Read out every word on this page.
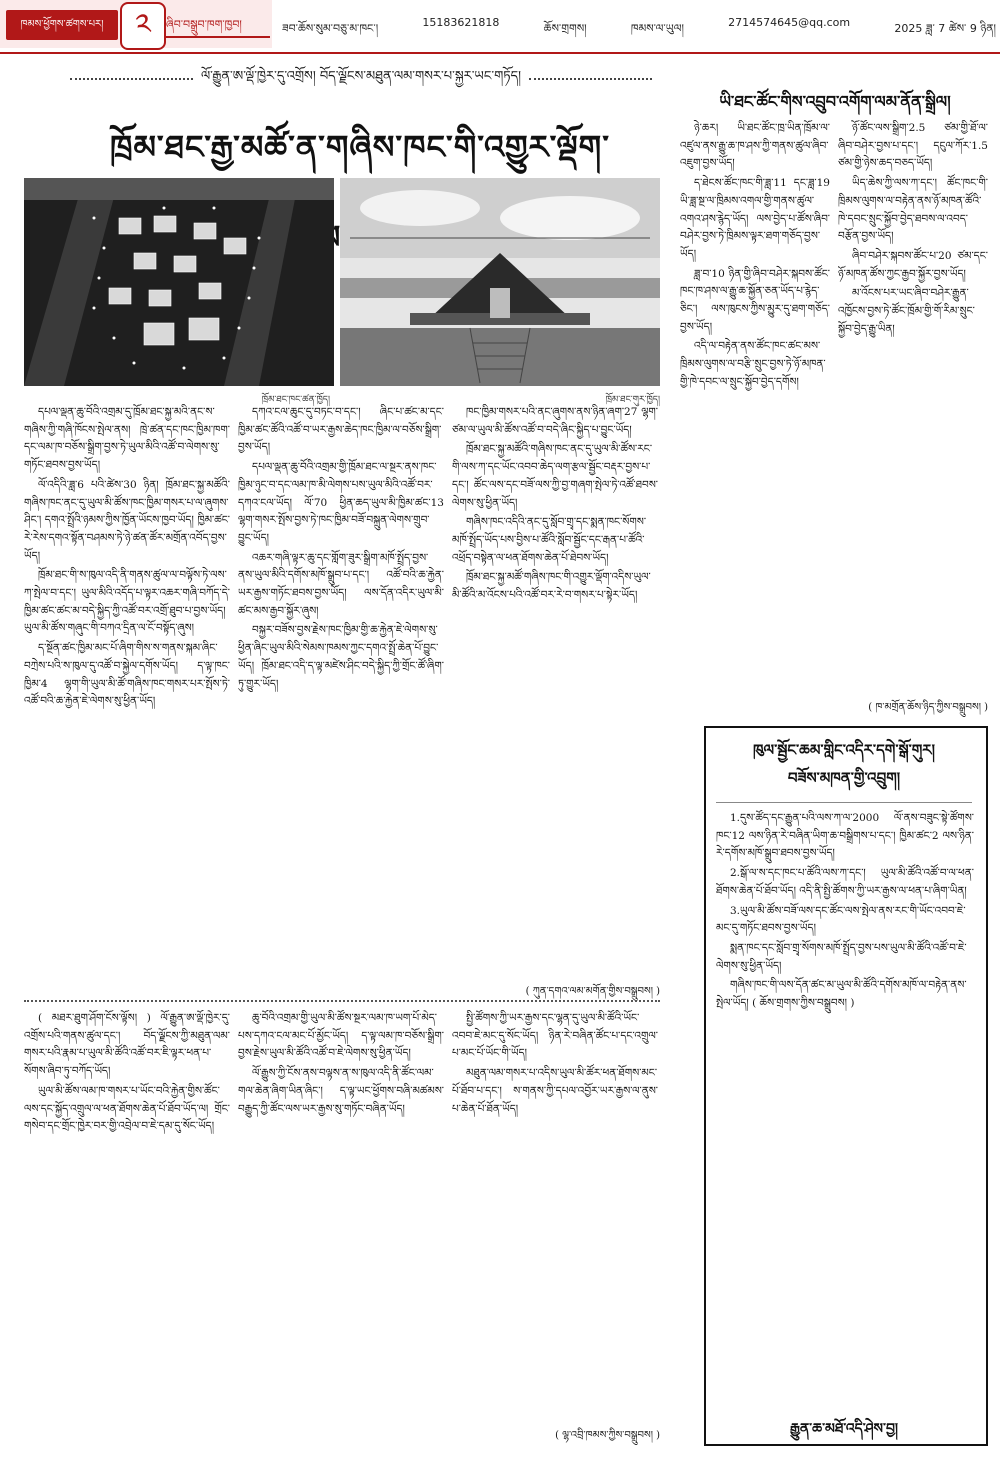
ཁམས་ཕྱོགས་ཚགས་པར།	༢	ཞིབ་བསྒྲུབ་ཁག་ཁྱབ།	ཟབ་ཆོས་སུམ་བཅུ་མ་ཁང་།	15183621818	ཆོས་གྲགས།	ཁམས་ལ་ཡུལ།	2714574645@qq.com	2025 ཟླ་ 7 ཚེས་ 9 ཉིན།
ལོ་རྒྱུན་ཨ་ལྡོ་ཁྱེར་དུ་འགྲོས། བོད་ལྗོངས་མཐུན་ལམ་གསར་པ་སྐྱར་ཡང་གཏོད།
ཁྲོམ་ཐང་རྒྱ་མཚོ་ན་གཞིས་ཁང་གི་འགྱུར་ལྡོག་
ཁྲོམ་ཐང་ཁང་ཚན་ཁྱོད།	ཁྲོམ་ཐང་གུར་ཁྱོད།

དཔལ་ལྡན་ཆུ་བོའི་འགྲམ་དུ་ཁྲོམ་ཐང་སྐྱ་མའི་ནང་ས་གཞིས་ཀྱི་གཞི་ཁོངས་སྤེལ་ནས། ཁྲེ་ཚན་དང་ཁང་ཁྱིམ་ཁག་དང་ལམ་ཁ་བཅོས་སྒྲིག་བྱས་ཏེ་ཡུལ་མིའི་འཚོ་བ་ལེགས་སུ་གཏོང་ཐབས་བྱས་ཡོད།

ལོ་འདིའི་ཟླ་6 པའི་ཚེས་30 ཉིན། ཁྲོམ་ཐང་སྐྱ་མཚོའི་གཞིས་ཁང་ནང་དུ་ཡུལ་མི་ཚོས་ཁང་ཁྱིམ་གསར་པ་ལ་ཞུགས་ཤིང་། དགའ་སྤྲོའི་ཉམས་ཀྱིས་ཁྱོན་ཡོངས་ཁྱབ་ཡོད། ཁྱིམ་ཚང་རེ་རེས་དགའ་སྟོན་བཤམས་ཏེ་ཉེ་ཚན་ཚོར་མགྲོན་འབོད་བྱས་ཡོད།

ཁྲོམ་ཐང་གི་ས་ཁུལ་འདི་ནི་གནས་ཚུལ་ལ་བལྟོས་ཏེ་ལས་ཀ་སྤེལ་བ་དང་། ཡུལ་མིའི་འདོད་པ་ལྟར་འཆར་གཞི་བཀོད་དེ་ཁྱིམ་ཚང་ཚང་མ་བདེ་སྐྱིད་ཀྱི་འཚོ་བར་འགྲོ་ཐུབ་པ་བྱས་ཡོད། ཡུལ་མི་ཚོས་གཞུང་གི་བཀའ་དྲིན་ལ་ངོ་བསྟོད་ཞུས།

ད་སྔོན་ཚང་ཁྱིམ་མང་པོ་ཞིག་གིས་ས་གནས་སྐམ་ཞིང་བཀྲེས་པའི་ས་ཁུལ་དུ་འཚོ་བ་སྐྱེལ་དགོས་ཡོད། ད་ལྟ་ཁང་ཁྱིམ་4 ལྷག་གི་ཡུལ་མི་ཚོ་གཞིས་ཁང་གསར་པར་སྤོས་ཏེ་འཚོ་བའི་ཆ་རྐྱེན་ཇེ་ལེགས་སུ་ཕྱིན་ཡོད།

དཀའ་ངལ་ཆུང་དུ་བཏང་བ་དང་། ཞིང་པ་ཚང་མ་དང་ཁྱིམ་ཚང་ཚོའི་འཚོ་བ་ཡར་རྒྱས་ཆེད་ཁང་ཁྱིམ་ལ་བཅོས་སྒྲིག་བྱས་ཡོད།

དཔལ་ལྡན་ཆུ་བོའི་འགྲམ་གྱི་ཁྲོམ་ཐང་ལ་སྔར་ནས་ཁང་ཁྱིམ་ཉུང་བ་དང་ལམ་ཁ་མི་ལེགས་པས་ཡུལ་མིའི་འཚོ་བར་དཀའ་ངལ་ཡོད། ལོ་70 ཕྱིན་ཆད་ཡུལ་མི་ཁྱིམ་ཚང་13 ལྷག་གསར་སྤོས་བྱས་ཏེ་ཁང་ཁྱིམ་བཟོ་བསྐྲུན་ལེགས་གྲུབ་བྱུང་ཡོད།

འཆར་གཞི་ལྟར་ཆུ་དང་གློག་ཟུར་སྒྲིག་མཁོ་སྤྲོད་བྱས་ནས་ཡུལ་མིའི་དགོས་མཁོ་སྒྲུབ་པ་དང་། འཚོ་བའི་ཆ་རྐྱེན་ཡར་རྒྱས་གཏོང་ཐབས་བྱས་ཡོད། ལས་དོན་འདིར་ཡུལ་མི་ཚང་མས་རྒྱབ་སྐྱོར་ཞུས།

བསྐྱར་བཟོས་བྱས་རྗེས་ཁང་ཁྱིམ་གྱི་ཆ་རྐྱེན་ཇེ་ལེགས་སུ་ཕྱིན་ཞིང་ཡུལ་མིའི་སེམས་ཁམས་ཀྱང་དགའ་སྤྲོ་ཆེན་པོ་བྱུང་ཡོད། ཁྲོམ་ཐང་འདི་ད་ལྟ་མཛེས་ཤིང་བདེ་སྐྱིད་ཀྱི་གྲོང་ཚོ་ཞིག་ཏུ་གྱུར་ཡོད།

ཁང་ཁྱིམ་གསར་པའི་ནང་ཞུགས་ནས་ཉིན་ཞག་27 ལྷག་ཙམ་ལ་ཡུལ་མི་ཚོས་འཚོ་བ་བདེ་ཞིང་སྐྱིད་པ་བྱུང་ཡོད།

ཁྲོམ་ཐང་སྐྱ་མཚོའི་གཞིས་ཁང་ནང་དུ་ཡུལ་མི་ཚོས་རང་གི་ལས་ཀ་དང་ཡོང་འབབ་ཆེད་ལག་རྩལ་སྦྱོང་བརྡར་བྱས་པ་དང་། ཚོང་ལས་དང་བཟོ་ལས་ཀྱི་བྱ་གཞག་སྤེལ་ཏེ་འཚོ་ཐབས་ལེགས་སུ་ཕྱིན་ཡོད།

གཞིས་ཁང་འདིའི་ནང་དུ་སློབ་གྲྭ་དང་སྨན་ཁང་སོགས་མཁོ་སྤྲོད་ཡོད་པས་བྱིས་པ་ཚོའི་སློབ་སྦྱོང་དང་རྒན་པ་ཚོའི་འཕྲོད་བསྟེན་ལ་ཕན་ཐོགས་ཆེན་པོ་ཐེབས་ཡོད།

ཁྲོམ་ཐང་སྐྱ་མཚོ་གཞིས་ཁང་གི་འགྱུར་ལྡོག་འདིས་ཡུལ་མི་ཚོའི་མ་འོངས་པའི་འཚོ་བར་རེ་བ་གསར་པ་སྟེར་ཡོད།

( ཀུན་དགའ་ལམ་མགོན་གྱིས་བསྒྲུབས། )

( མཐར་ཐུག་ཤོག་ངོས་ལྟོས། ) ལོ་རྒྱུན་ཨ་ལྡོ་ཁྱེར་དུ་འགྲོས་པའི་གནས་ཚུལ་དང་། བོད་ལྗོངས་ཀྱི་མཐུན་ལམ་གསར་པའི་རྣམ་པ་ཡུལ་མི་ཚོའི་འཚོ་བར་ཇི་ལྟར་ཕན་པ་སོགས་ཞིབ་ཏུ་བཀོད་ཡོད།

ཡུལ་མི་ཚོས་ལམ་ཁ་གསར་པ་ཡོང་བའི་རྐྱེན་གྱིས་ཚོང་ལས་དང་སྐྱོད་འགྲུལ་ལ་ཕན་ཐོགས་ཆེན་པོ་ཐོབ་ཡོད་ལ། གྲོང་གསེབ་དང་གྲོང་ཁྱེར་བར་གྱི་འབྲེལ་བ་ཇེ་དམ་དུ་སོང་ཡོད།

ཆུ་བོའི་འགྲམ་གྱི་ཡུལ་མི་ཚོས་སྔར་ལམ་ཁ་ཡག་པོ་མེད་པས་དཀའ་ངལ་མང་པོ་མྱོང་ཡོད། ད་ལྟ་ལམ་ཁ་བཅོས་སྒྲིག་བྱས་རྗེས་ཡུལ་མི་ཚོའི་འཚོ་བ་ཇེ་ལེགས་སུ་ཕྱིན་ཡོད།

ལོ་རྒྱུས་ཀྱི་ངོས་ནས་བལྟས་ན་ས་ཁུལ་འདི་ནི་ཚོང་ལམ་གལ་ཆེན་ཞིག་ཡིན་ཞིང་། ད་ལྟ་ཡང་ཕྱོགས་བཞི་མཚམས་བརྒྱུད་ཀྱི་ཚོང་ལས་ཡར་རྒྱས་སུ་གཏོང་བཞིན་ཡོད།

སྤྱི་ཚོགས་ཀྱི་ཡར་རྒྱས་དང་ལྷན་དུ་ཡུལ་མི་ཚོའི་ཡོང་འབབ་ཇེ་མང་དུ་སོང་ཡོད། ཉིན་རེ་བཞིན་ཚོང་པ་དང་འགྲུལ་པ་མང་པོ་ཡོང་གི་ཡོད།

མཐུན་ལམ་གསར་པ་འདིས་ཡུལ་མི་ཚོར་ཕན་ཐོགས་མང་པོ་ཐོབ་པ་དང་། ས་གནས་ཀྱི་དཔལ་འབྱོར་ཡར་རྒྱས་ལ་ནུས་པ་ཆེན་པོ་ཐོན་ཡོད།

( ལྷ་འབྲི་ཁམས་ཀྱིས་བསྒྲུབས། )
ཡི་ཐང་ཚོང་གིས་འབྲུབ་འགོག་ལམ་ནོན་སྒྲིལ།

ཉེ་ཆར། ཡི་ཐང་ཚོང་ཁྲ་ཡིན་ཁྲོམ་ལ་འཛུལ་ནས་རྒྱུ་ཆ་ཁ་ཤས་ཀྱི་གནས་ཚུལ་ཞིབ་འཇུག་བྱས་ཡོད།

ད་ཐེངས་ཚོང་ཁང་གི་ཟླ་11 དང་ཟླ་19 ཡི་ཟླ་སྔ་ལ་ཁྲིམས་འགལ་གྱི་གནས་ཚུལ་འགའ་ཤས་རྙེད་ཡོད། ལས་བྱེད་པ་ཚོས་ཞིབ་བཤེར་བྱས་ཏེ་ཁྲིམས་ལྟར་ཐག་གཅོད་བྱས་ཡོད།

ཟླ་བ་10 ཉིན་གྱི་ཞིབ་བཤེར་སྐབས་ཚོང་ཁང་ཁ་ཤས་ལ་རྒྱུ་ཆ་སྐྱོན་ཅན་ཡོད་པ་རྙེད་ཅིང་། ལས་ཁུངས་ཀྱིས་མྱུར་དུ་ཐག་གཅོད་བྱས་ཡོད།

འདི་ལ་བརྟེན་ནས་ཚོང་ཁང་ཚང་མས་ཁྲིམས་ལུགས་ལ་བརྩི་སྲུང་བྱས་ཏེ་ཉོ་མཁན་གྱི་ཁེ་དབང་ལ་སྲུང་སྐྱོབ་བྱེད་དགོས།

ཉོ་ཚོང་ལས་སྒྲིག་2.5 ཙམ་གྱི་ཐོ་ལ་ཞིབ་བཤེར་བྱས་པ་དང་། དངུལ་ཀོར་1.5 ཙམ་གྱི་ཉེས་ཆད་བཅད་ཡོད།

ཡིད་ཆེས་ཀྱི་ལས་ཀ་དང་། ཚོང་ཁང་གི་ཁྲིམས་ལུགས་ལ་བརྟེན་ནས་ཉོ་མཁན་ཚོའི་ཁེ་དབང་སྲུང་སྐྱོབ་བྱེད་ཐབས་ལ་འབད་བརྩོན་བྱས་ཡོད།

ཞིབ་བཤེར་སྐབས་ཚོང་པ་20 ཙམ་དང་ཉོ་མཁན་ཚོས་ཀྱང་རྒྱབ་སྐྱོར་བྱས་ཡོད།

མ་འོངས་པར་ཡང་ཞིབ་བཤེར་རྒྱུན་འཁྱོངས་བྱས་ཏེ་ཚོང་ཁྲོམ་གྱི་གོ་རིམ་སྲུང་སྐྱོབ་བྱེད་རྒྱུ་ཡིན།

( ཁ་མགྲོན་ཆོས་ཉིད་ཀྱིས་བསྒྲུབས། )
ཁུལ་སྦྱོང་ཆམ་གླིང་འདིར་དགེ་སྒོ་གུར།
བཟོས་མཁན་གྱི་འབྲུག།

1.དུས་ཚོད་དང་རྒྱུན་པའི་ལས་ཀ་ལ་2000 ལོ་ནས་བཟུང་སྟེ་ཚོགས་ཁང་12 ལས་ཉིན་རེ་བཞིན་ཡིག་ཆ་བསྒྲིགས་པ་དང་། ཁྱིམ་ཚང་2 ལས་ཉིན་རེ་དགོས་མཁོ་སྒྲུབ་ཐབས་བྱས་ཡོད།

2.སྒོ་ལ་ས་དང་ཁང་པ་ཚོའི་ལས་ཀ་དང་། ཡུལ་མི་ཚོའི་འཚོ་བ་ལ་ཕན་ཐོགས་ཆེན་པོ་ཐོབ་ཡོད། འདི་ནི་སྤྱི་ཚོགས་ཀྱི་ཡར་རྒྱས་ལ་ཕན་པ་ཞིག་ཡིན།

3.ཡུལ་མི་ཚོས་བཟོ་ལས་དང་ཚོང་ལས་སྤེལ་ནས་རང་གི་ཡོང་འབབ་ཇེ་མང་དུ་གཏོང་ཐབས་བྱས་ཡོད།

སྨན་ཁང་དང་སློབ་གྲྭ་སོགས་མཁོ་སྤྲོད་བྱས་པས་ཡུལ་མི་ཚོའི་འཚོ་བ་ཇེ་ལེགས་སུ་ཕྱིན་ཡོད།

གཞིས་ཁང་གི་ལས་དོན་ཚང་མ་ཡུལ་མི་ཚོའི་དགོས་མཁོ་ལ་བརྟེན་ནས་སྤེལ་ཡོད། ( ཆོས་གྲགས་ཀྱིས་བསྒྲུབས། )

རྒྱུན་ཆ་མཐོ་འདི་ཤེས་བྱ།
